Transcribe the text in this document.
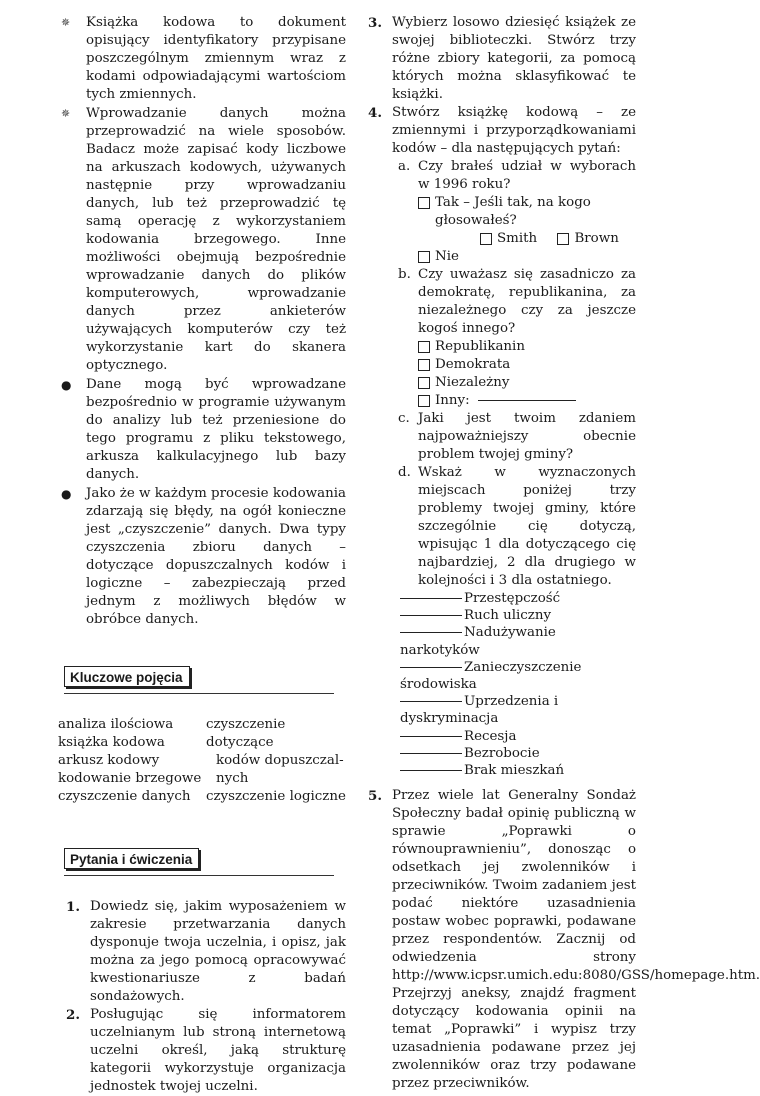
✵ Książka kodowa to dokument opisujący identyfikatory przypisane poszczególnym zmiennym wraz z kodami odpowiadającymi wartościom tych zmiennych.

✵ Wprowadzanie danych można przeprowadzić na wiele sposobów. Badacz może zapisać kody liczbowe na arkuszach kodowych, używanych następnie przy wprowadzaniu danych, lub też przeprowadzić tę samą operację z wykorzystaniem kodowania brzegowego. Inne możliwości obejmują bezpośrednie wprowadzanie danych do plików komputerowych, wprowadzanie danych przez ankieterów używających komputerów czy też wykorzystanie kart do skanera optycznego.

● Dane mogą być wprowadzane bezpośrednio w programie używanym do analizy lub też przeniesione do tego programu z pliku tekstowego, arkusza kalkulacyjnego lub bazy danych.

● Jako że w każdym procesie kodowania zdarzają się błędy, na ogół konieczne jest „czyszczenie” danych. Dwa typy czyszczenia zbioru danych – dotyczące dopuszczalnych kodów i logiczne – zabezpieczają przed jednym z możliwych błędów w obróbce danych.

Kluczowe pojęcia
analiza ilościowa
książka kodowa
arkusz kodowy
kodowanie brzegowe
czyszczenie danych
czyszczenie dotyczące
kodów dopuszczal-
nych
czyszczenie logiczne
Pytania i ćwiczenia
1. Dowiedz się, jakim wyposażeniem w zakresie przetwarzania danych dysponuje twoja uczelnia, i opisz, jak można za jego pomocą opracowywać kwestionariusze z badań sondażowych.

2. Posługując się informatorem uczelnianym lub stroną internetową uczelni określ, jaką strukturę kategorii wykorzystuje organizacja jednostek twojej uczelni.

3. Wybierz losowo dziesięć książek ze swojej biblioteczki. Stwórz trzy różne zbiory kategorii, za pomocą których można sklasyfikować te książki.

4. Stwórz książkę kodową – ze zmiennymi i przyporządkowaniami kodów – dla następujących pytań:

a. Czy brałeś udział w wyborach w 1996 roku?

Tak – Jeśli tak, na kogo głosowałeś?
Smith	Brown
Nie
b. Czy uważasz się zasadniczo za demokratę, republikanina, za niezależnego czy za jeszcze kogoś innego?

Republikanin
Demokrata
Niezależny
Inny:
c. Jaki jest twoim zdaniem najpoważniejszy obecnie problem twojej gminy?

d. Wskaż w wyznaczonych miejscach poniżej trzy problemy twojej gminy, które szczególnie cię dotyczą, wpisując 1 dla dotyczącego cię najbardziej, 2 dla drugiego w kolejności i 3 dla ostatniego.

Przestępczość
Ruch uliczny
Nadużywanie narkotyków
Zanieczyszczenie środowiska
Uprzedzenia i dyskryminacja
Recesja
Bezrobocie
Brak mieszkań
5. Przez wiele lat Generalny Sondaż Społeczny badał opinię publiczną w sprawie „Poprawki o równouprawnieniu”, donosząc o odsetkach jej zwolenników i przeciwników. Twoim zadaniem jest podać niektóre uzasadnienia postaw wobec poprawki, podawane przez respondentów. Zacznij od odwiedzenia strony http://www.icpsr.umich.edu:8080/GSS/homepage.htm. Przejrzyj aneksy, znajdź fragment dotyczący kodowania opinii na temat „Poprawki” i wypisz trzy uzasadnienia podawane przez jej zwolenników oraz trzy podawane przez przeciwników.
